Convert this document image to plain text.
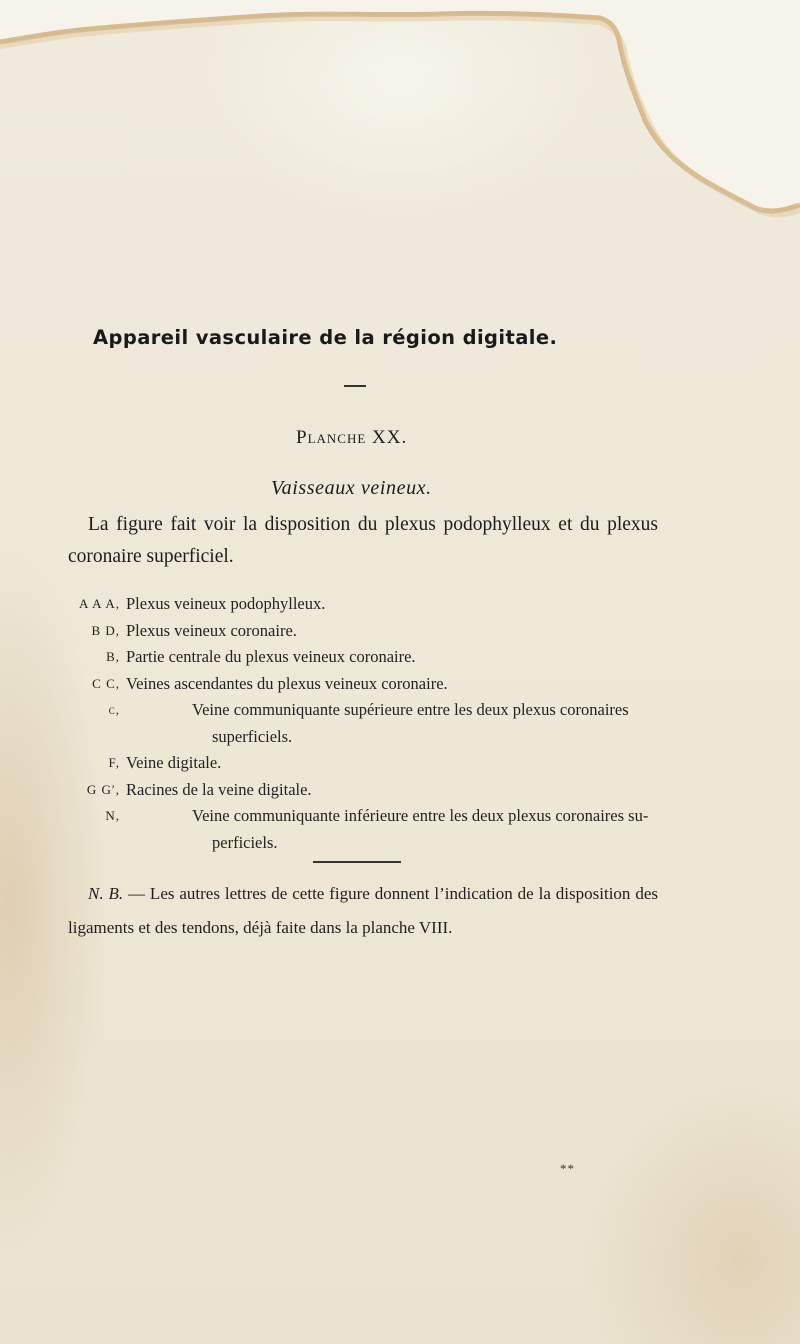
Appareil vasculaire de la région digitale.
Planche XX.
Vaisseaux veineux.
La figure fait voir la disposition du plexus podophylleux et du plexus coronaire superficiel.
A A A, Plexus veineux podophylleux.
B D, Plexus veineux coronaire.
B, Partie centrale du plexus veineux coronaire.
C C, Veines ascendantes du plexus veineux coronaire.
c,	Veine communiquante supérieure entre les deux plexus coronaires
superficiels.
F, Veine digitale.
G G′, Racines de la veine digitale.
N,	Veine communiquante inférieure entre les deux plexus coronaires su-
perficiels.
N. B. — Les autres lettres de cette figure donnent l’indication de la disposition des ligaments et des tendons, déjà faite dans la planche VIII.
**
